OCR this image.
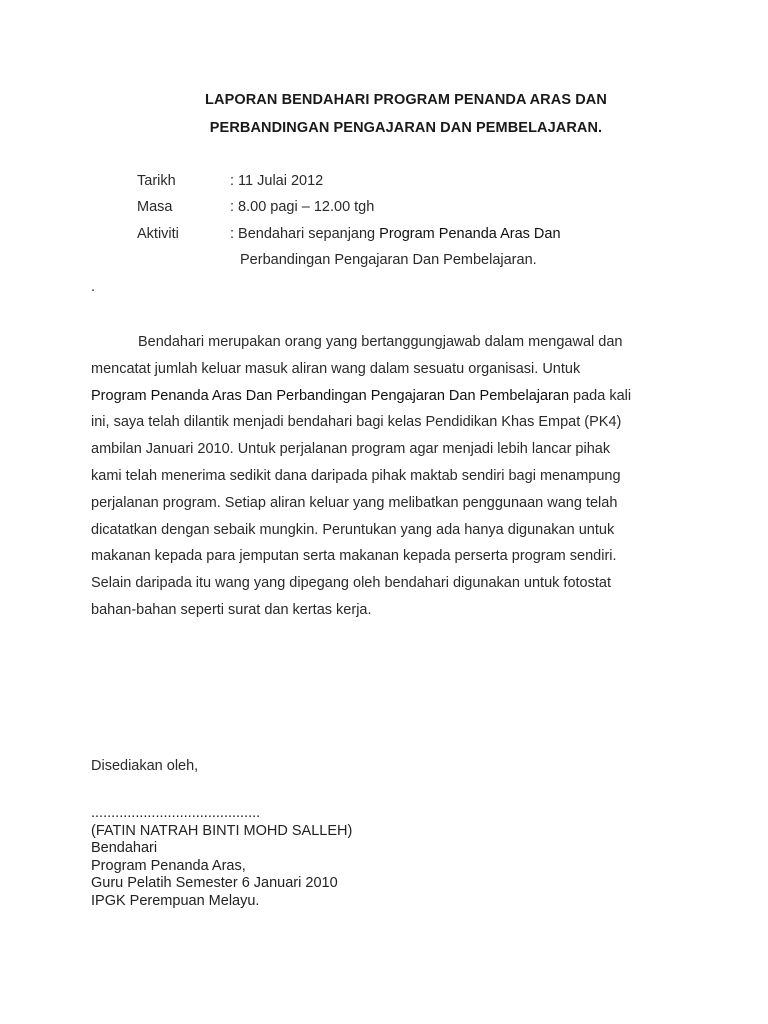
LAPORAN BENDAHARI PROGRAM PENANDA ARAS DAN
PERBANDINGAN PENGAJARAN DAN PEMBELAJARAN.
Tarikh	: 11 Julai 2012
Masa	: 8.00 pagi – 12.00 tgh
Aktiviti	: Bendahari sepanjang Program Penanda Aras Dan
Perbandingan Pengajaran Dan Pembelajaran.
.
Bendahari merupakan orang yang bertanggungjawab dalam mengawal dan
mencatat jumlah keluar masuk aliran wang dalam sesuatu organisasi. Untuk
Program Penanda Aras Dan Perbandingan Pengajaran Dan Pembelajaran pada kali
ini, saya telah dilantik menjadi bendahari bagi kelas Pendidikan Khas Empat (PK4)
ambilan Januari 2010. Untuk perjalanan program agar menjadi lebih lancar pihak
kami telah menerima sedikit dana daripada pihak maktab sendiri bagi menampung
perjalanan program. Setiap aliran keluar yang melibatkan penggunaan wang telah
dicatatkan dengan sebaik mungkin. Peruntukan yang ada hanya digunakan untuk
makanan kepada para jemputan serta makanan kepada perserta program sendiri.
Selain daripada itu wang yang dipegang oleh bendahari digunakan untuk fotostat
bahan-bahan seperti surat dan kertas kerja.
Disediakan oleh,
..........................................
(FATIN NATRAH BINTI MOHD SALLEH)
Bendahari
Program Penanda Aras,
Guru Pelatih Semester 6 Januari 2010
IPGK Perempuan Melayu.
